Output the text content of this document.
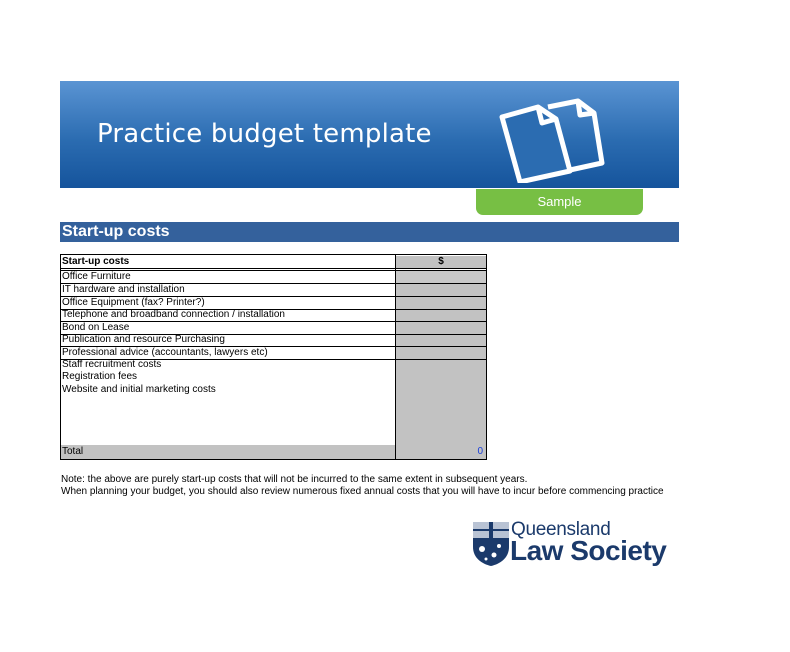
Practice budget template
Sample
Start-up costs
Start-up costs	$
Office Furniture
IT hardware and installation
Office Equipment (fax? Printer?)
Telephone and broadband connection / installation
Bond on Lease
Publication and resource Purchasing
Professional advice (accountants, lawyers etc)
Staff recruitment costs
Registration fees
Website and initial marketing costs
Total	0
Note: the above are purely start-up costs that will not be incurred to the same extent in subsequent years.
When planning your budget, you should also review numerous fixed annual costs that you will have to incur before commencing practice
Queensland
Law Society
